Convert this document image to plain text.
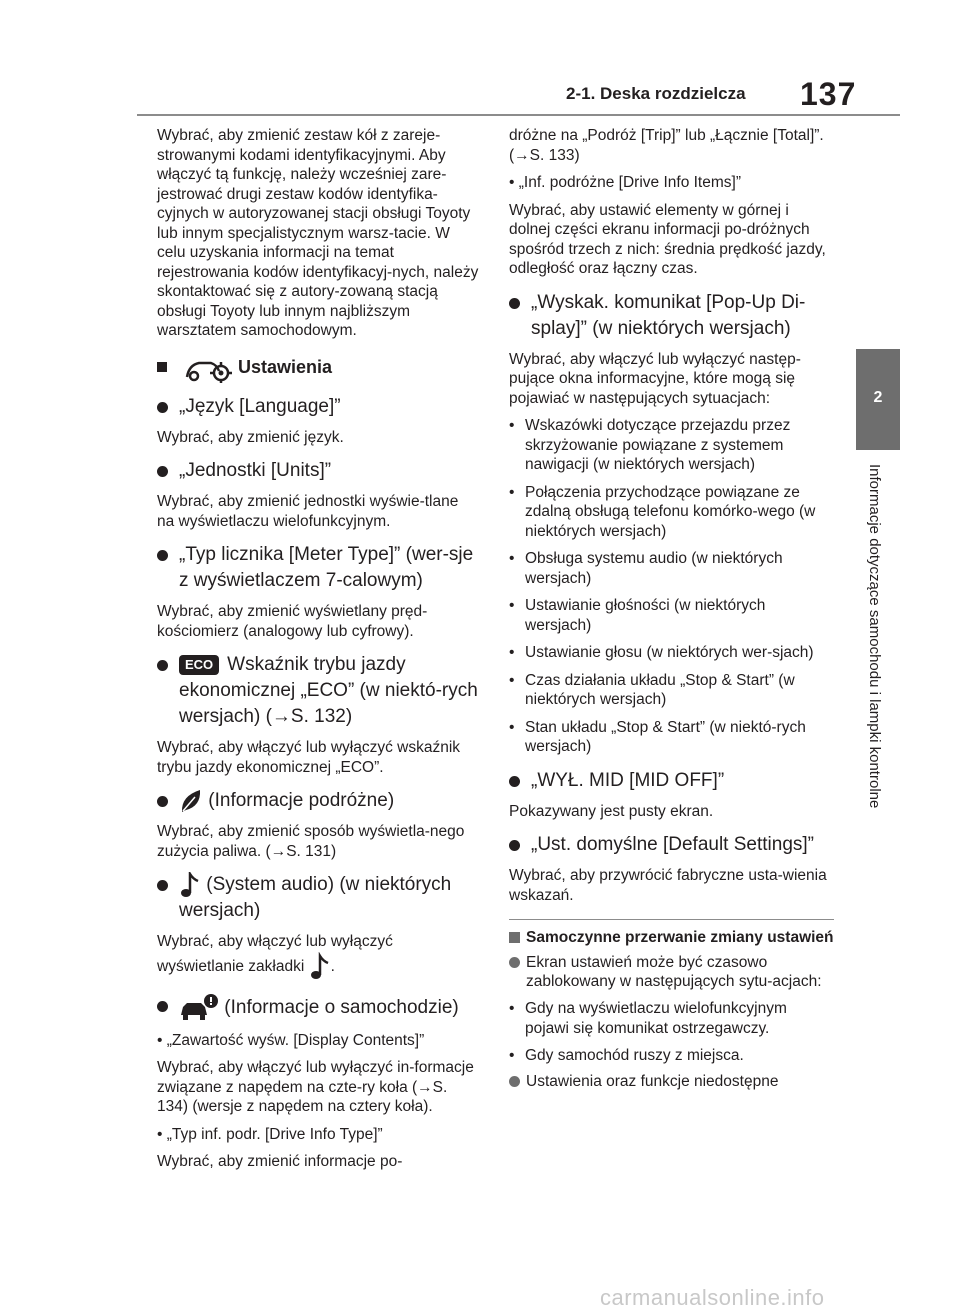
2-1. Deska rozdzielcza 137
2
Informacje dotyczące samochodu i lampki kontrolne

Wybrać, aby zmienić zestaw kół z zareje-strowanymi kodami identyfikacyjnymi. Aby włączyć tą funkcję, należy wcześniej zare-jestrować drugi zestaw kodów identyfika-cyjnych w autoryzowanej stacji obsługi Toyoty lub innym specjalistycznym warsz-tacie. W celu uzyskania informacji na temat rejestrowania kodów identyfikacyj-nych, należy skontaktować się z autory-zowaną stacją obsługi Toyoty lub innym najbliższym warsztatem samochodowym.

Ustawienia
„Język [Language]”

Wybrać, aby zmienić język.

„Jednostki [Units]”

Wybrać, aby zmienić jednostki wyświe-tlane na wyświetlaczu wielofunkcyjnym.

„Typ licznika [Meter Type]” (wer-sje z wyświetlaczem 7-calowym)

Wybrać, aby zmienić wyświetlany pręd-kościomierz (analogowy lub cyfrowy).

ECO Wskaźnik trybu jazdy ekonomicznej „ECO” (w niektó-rych wersjach) (→S. 132)

Wybrać, aby włączyć lub wyłączyć wskaźnik trybu jazdy ekonomicznej „ECO”.

(Informacje podróżne)

Wybrać, aby zmienić sposób wyświetla-nego zużycia paliwa. (→S. 131)

(System audio) (w niektórych wersjach)

Wybrać, aby włączyć lub wyłączyć wyświetlanie zakładki .

(Informacje o samochodzie)

• „Zawartość wyśw. [Display Contents]”

Wybrać, aby włączyć lub wyłączyć in-formacje związane z napędem na czte-ry koła (→S. 134) (wersje z napędem na cztery koła).

• „Typ inf. podr. [Drive Info Type]”

Wybrać, aby zmienić informacje po-

dróżne na „Podróż [Trip]” lub „Łącznie [Total]”. (→S. 133)

• „Inf. podróżne [Drive Info Items]”

Wybrać, aby ustawić elementy w górnej i dolnej części ekranu informacji po-dróżnych spośród trzech z nich: średnia prędkość jazdy, odległość oraz łączny czas.

„Wyskak. komunikat [Pop-Up Di-splay]” (w niektórych wersjach)

Wybrać, aby włączyć lub wyłączyć następ-pujące okna informacyjne, które mogą się pojawiać w następujących sytuacjach:

• Wskazówki dotyczące przejazdu przez skrzyżowanie powiązane z systemem nawigacji (w niektórych wersjach)
• Połączenia przychodzące powiązane ze zdalną obsługą telefonu komórko-wego (w niektórych wersjach)
• Obsługa systemu audio (w niektórych wersjach)
• Ustawianie głośności (w niektórych wersjach)
• Ustawianie głosu (w niektórych wer-sjach)
• Czas działania układu „Stop & Start” (w niektórych wersjach)
• Stan układu „Stop & Start” (w niektó-rych wersjach)
„WYŁ. MID [MID OFF]”

Pokazywany jest pusty ekran.

„Ust. domyślne [Default Settings]”

Wybrać, aby przywrócić fabryczne usta-wienia wskazań.

Samoczynne przerwanie zmiany ustawień
Ekran ustawień może być czasowo zablokowany w następujących sytu-acjach:
• Gdy na wyświetlaczu wielofunkcyjnym pojawi się komunikat ostrzegawczy.
• Gdy samochód ruszy z miejsca.
Ustawienia oraz funkcje niedostępne
carmanualsonline.info
